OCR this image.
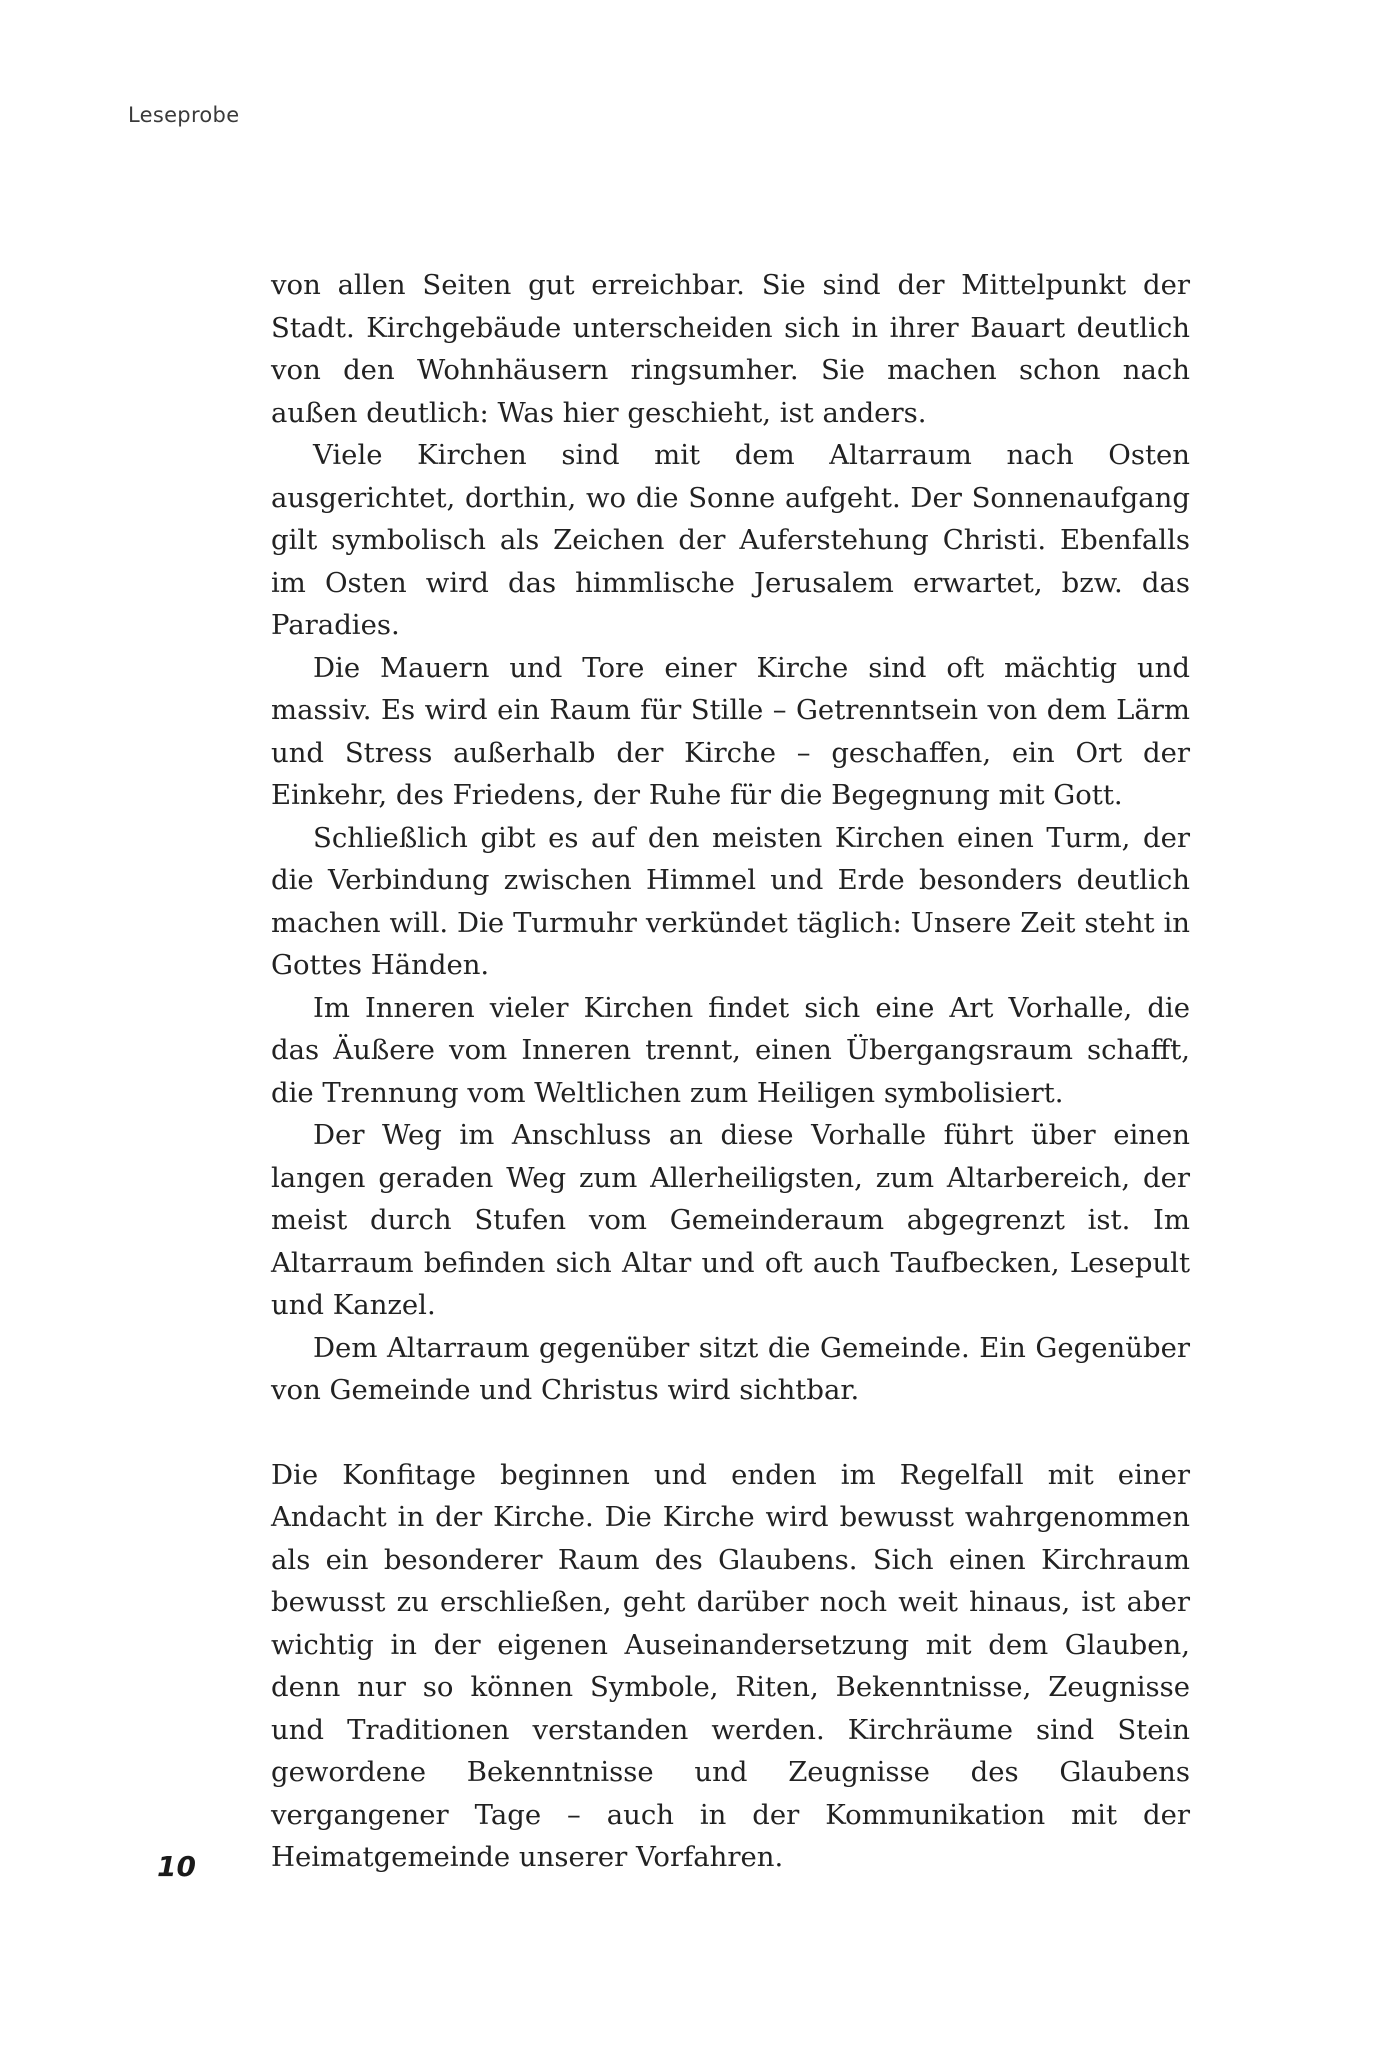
Leseprobe

von allen Seiten gut erreichbar. Sie sind der Mittelpunkt der Stadt. Kirchgebäude unterscheiden sich in ihrer Bauart deutlich von den Wohnhäusern ringsumher. Sie machen schon nach außen deutlich: Was hier geschieht, ist anders.

Viele Kirchen sind mit dem Altarraum nach Osten ausgerichtet, dorthin, wo die Sonne aufgeht. Der Sonnenaufgang gilt symbolisch als Zeichen der Auferstehung Christi. Ebenfalls im Osten wird das himmlische Jerusalem erwartet, bzw. das Paradies.

Die Mauern und Tore einer Kirche sind oft mächtig und massiv. Es wird ein Raum für Stille – Getrenntsein von dem Lärm und Stress außerhalb der Kirche – geschaffen, ein Ort der Einkehr, des Friedens, der Ruhe für die Begegnung mit Gott.

Schließlich gibt es auf den meisten Kirchen einen Turm, der die Verbindung zwischen Himmel und Erde besonders deutlich machen will. Die Turmuhr verkündet täglich: Unsere Zeit steht in Gottes Händen.

Im Inneren vieler Kirchen findet sich eine Art Vorhalle, die das Äußere vom Inneren trennt, einen Übergangsraum schafft, die Trennung vom Weltlichen zum Heiligen symbolisiert.

Der Weg im Anschluss an diese Vorhalle führt über einen langen geraden Weg zum Allerheiligsten, zum Altarbereich, der meist durch Stufen vom Gemeinderaum abgegrenzt ist. Im Altarraum befinden sich Altar und oft auch Taufbecken, Lesepult und Kanzel.

Dem Altarraum gegenüber sitzt die Gemeinde. Ein Gegenüber von Gemeinde und Christus wird sichtbar.

Die Konfitage beginnen und enden im Regelfall mit einer Andacht in der Kirche. Die Kirche wird bewusst wahrgenommen als ein besonderer Raum des Glaubens. Sich einen Kirchraum bewusst zu erschließen, geht darüber noch weit hinaus, ist aber wichtig in der eigenen Auseinandersetzung mit dem Glauben, denn nur so können Symbole, Riten, Bekenntnisse, Zeugnisse und Traditionen verstanden werden. Kirchräume sind Stein gewordene Bekenntnisse und Zeugnisse des Glaubens vergangener Tage – auch in der Kommunikation mit der Heimatgemeinde unserer Vorfahren.

10
